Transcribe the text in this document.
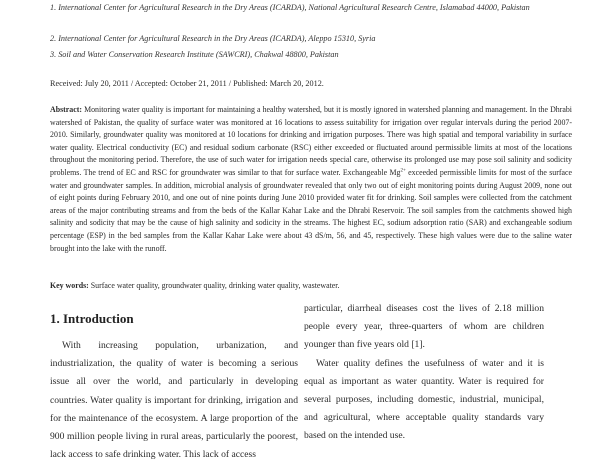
1. International Center for Agricultural Research in the Dry Areas (ICARDA), National Agricultural Research Centre, Islamabad 44000, Pakistan

2. International Center for Agricultural Research in the Dry Areas (ICARDA), Aleppo 15310, Syria

3. Soil and Water Conservation Research Institute (SAWCRI), Chakwal 48800, Pakistan

Received: July 20, 2011 / Accepted: October 21, 2011 / Published: March 20, 2012.

Abstract: Monitoring water quality is important for maintaining a healthy watershed, but it is mostly ignored in watershed planning and management. In the Dhrabi watershed of Pakistan, the quality of surface water was monitored at 16 locations to assess suitability for irrigation over regular intervals during the period 2007-2010. Similarly, groundwater quality was monitored at 10 locations for drinking and irrigation purposes. There was high spatial and temporal variability in surface water quality. Electrical conductivity (EC) and residual sodium carbonate (RSC) either exceeded or fluctuated around permissible limits at most of the locations throughout the monitoring period. Therefore, the use of such water for irrigation needs special care, otherwise its prolonged use may pose soil salinity and sodicity problems. The trend of EC and RSC for groundwater was similar to that for surface water. Exchangeable $Mg^{2+}$ exceeded permissible limits for most of the surface water and groundwater samples. In addition, microbial analysis of groundwater revealed that only two out of eight monitoring points during August 2009, none out of eight points during February 2010, and one out of nine points during June 2010 provided water fit for drinking. Soil samples were collected from the catchment areas of the major contributing streams and from the beds of the Kallar Kahar Lake and the Dhrabi Reservoir. The soil samples from the catchments showed high salinity and sodicity that may be the cause of high salinity and sodicity in the streams. The highest EC, sodium adsorption ratio (SAR) and exchangeable sodium percentage (ESP) in the bed samples from the Kallar Kahar Lake were about 43 dS/m, 56, and 45, respectively. These high values were due to the saline water brought into the lake with the runoff.

Key words: Surface water quality, groundwater quality, drinking water quality, wastewater.
1. Introduction

With increasing population, urbanization, and industrialization, the quality of water is becoming a serious issue all over the world, and particularly in developing countries. Water quality is important for drinking, irrigation and for the maintenance of the ecosystem. A large proportion of the 900 million people living in rural areas, particularly the poorest, lack access to safe drinking water. This lack of access

particular, diarrheal diseases cost the lives of 2.18 million people every year, three-quarters of whom are children younger than five years old [1].

Water quality defines the usefulness of water and it is equal as important as water quantity. Water is required for several purposes, including domestic, industrial, municipal, and agricultural, where acceptable quality standards vary based on the intended use.
